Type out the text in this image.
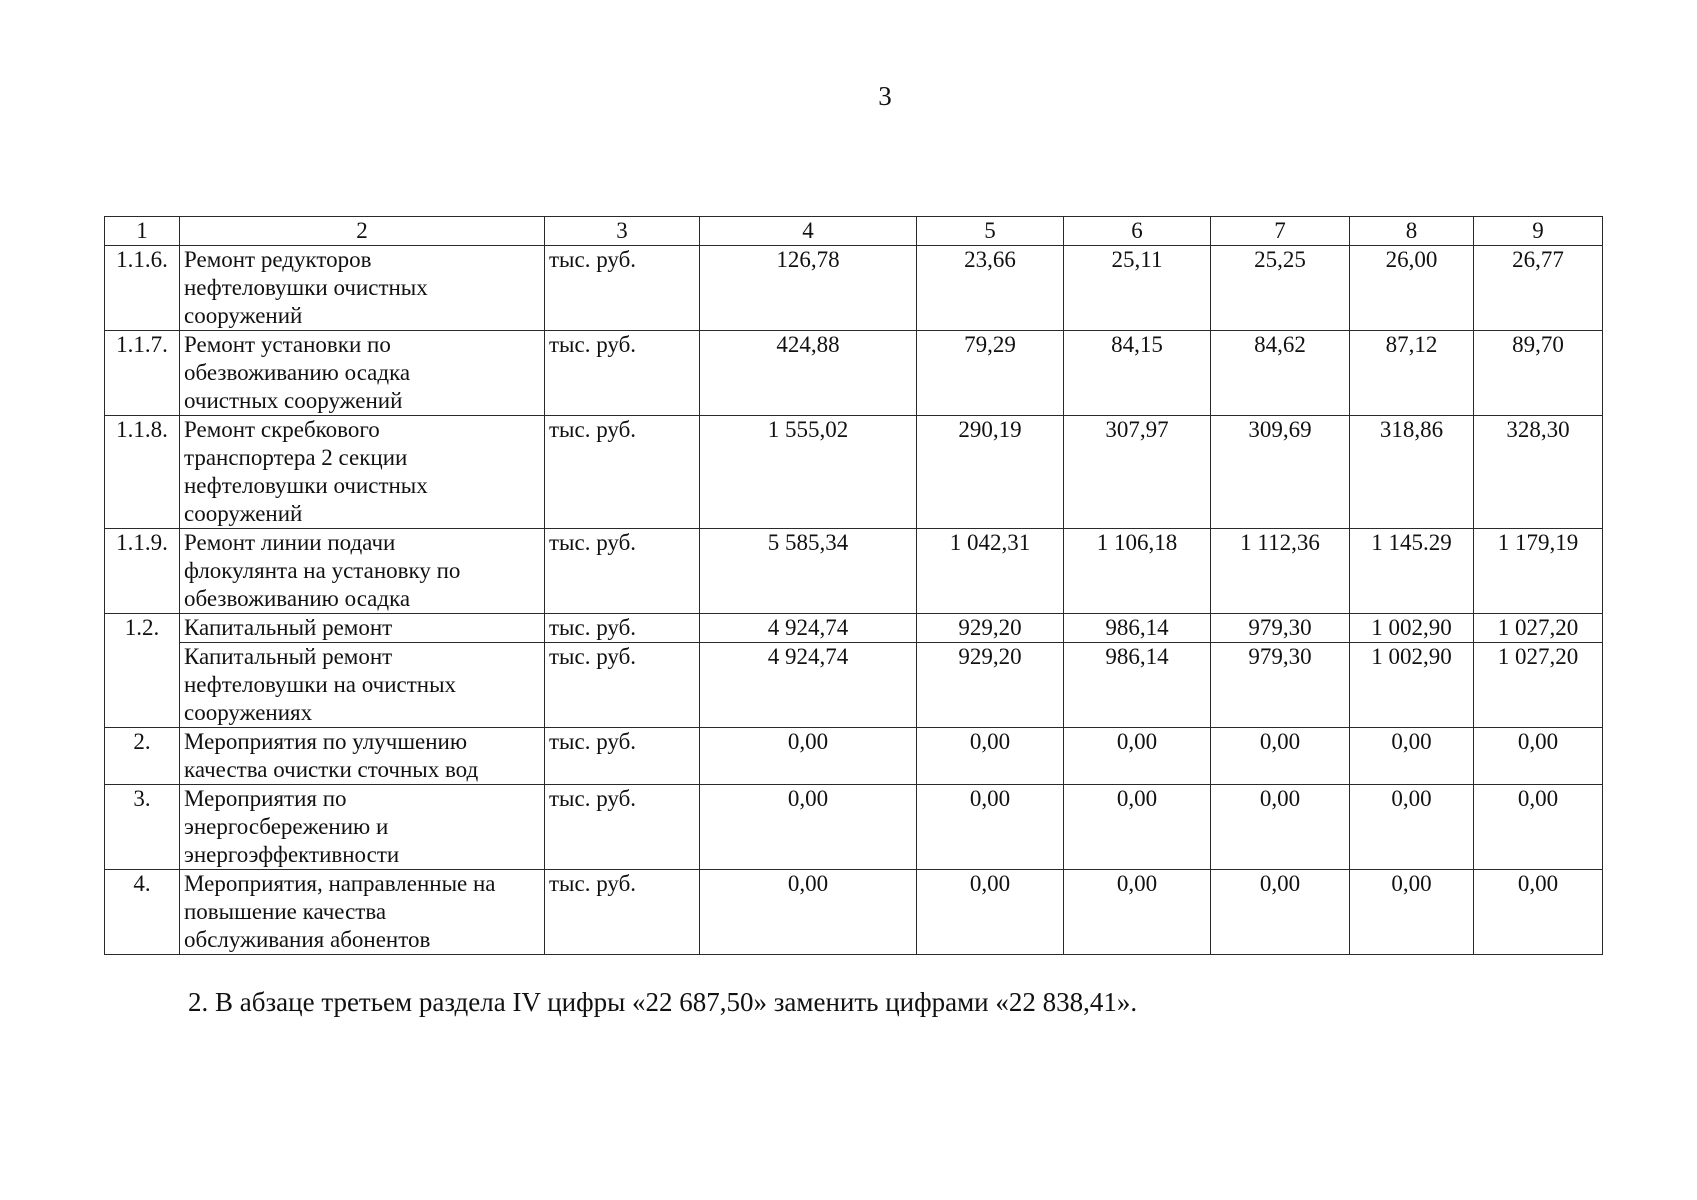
3
1	2	3	4	5	6	7	8	9
1.1.6.	Ремонт редукторов
нефтеловушки очистных
сооружений	тыс. руб.	126,78	23,66	25,11	25,25	26,00	26,77
1.1.7.	Ремонт установки по
обезвоживанию осадка
очистных сооружений	тыс. руб.	424,88	79,29	84,15	84,62	87,12	89,70
1.1.8.	Ремонт скребкового
транспортера 2 секции
нефтеловушки очистных
сооружений	тыс. руб.	1 555,02	290,19	307,97	309,69	318,86	328,30
1.1.9.	Ремонт линии подачи
флокулянта на установку по
обезвоживанию осадка	тыс. руб.	5 585,34	1 042,31	1 106,18	1 112,36	1 145.29	1 179,19
1.2.	Капитальный ремонт	тыс. руб.	4 924,74	929,20	986,14	979,30	1 002,90	1 027,20

	Капитальный ремонт
нефтеловушки на очистных
сооружениях	тыс. руб.	4 924,74	929,20	986,14	979,30	1 002,90	1 027,20
2.	Мероприятия по улучшению
качества очистки сточных вод	тыс. руб.	0,00	0,00	0,00	0,00	0,00	0,00
3.	Мероприятия по
энергосбережению и
энергоэффективности	тыс. руб.	0,00	0,00	0,00	0,00	0,00	0,00
4.	Мероприятия, направленные на
повышение качества
обслуживания абонентов	тыс. руб.	0,00	0,00	0,00	0,00	0,00	0,00
2. В абзаце третьем раздела IV цифры «22 687,50» заменить цифрами «22 838,41».
